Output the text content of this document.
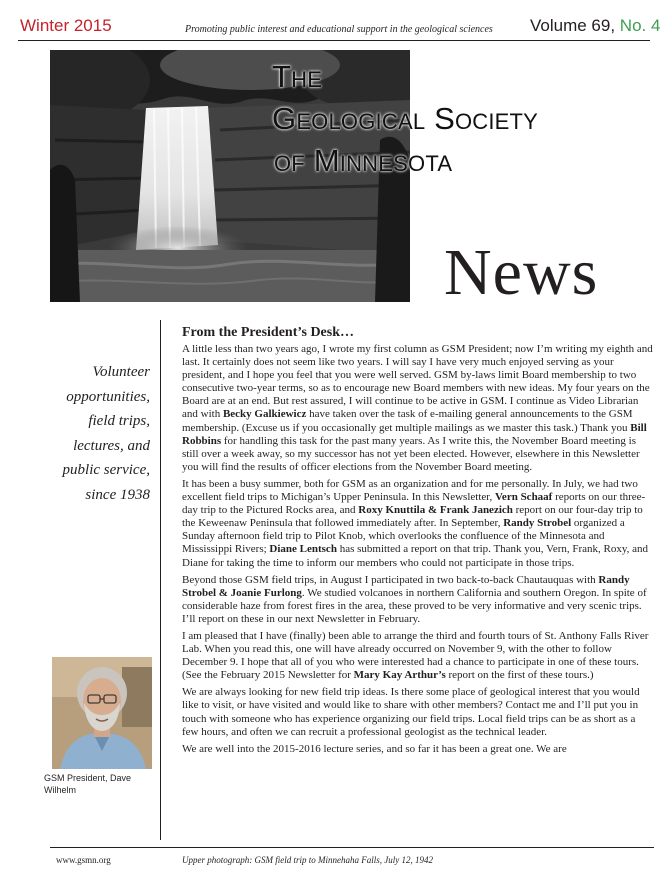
Winter 2015	Promoting public interest and educational support in the geological sciences Volume 69, No. 4
The
Geological Society
of Minnesota
News
Volunteer opportunities, field trips, lectures, and public service, since 1938
GSM President, Dave Wilhelm
From the President’s Desk…

A little less than two years ago, I wrote my first column as GSM President; now I’m writing my eighth and last. It certainly does not seem like two years. I will say I have very much enjoyed serving as your president, and I hope you feel that you were well served. GSM by-laws limit Board membership to two consecutive two-year terms, so as to encourage new Board members with new ideas. My four years on the Board are at an end. But rest assured, I will continue to be active in GSM. I continue as Video Librarian and with Becky Galkiewicz have taken over the task of e-mailing general announcements to the GSM membership. (Excuse us if you occasionally get multiple mailings as we master this task.) Thank you Bill Robbins for handling this task for the past many years. As I write this, the November Board meeting is still over a week away, so my successor has not yet been elected. However, elsewhere in this Newsletter you will find the results of officer elections from the November Board meeting.

It has been a busy summer, both for GSM as an organization and for me personally. In July, we had two excellent field trips to Michigan’s Upper Peninsula. In this Newsletter, Vern Schaaf reports on our three-day trip to the Pictured Rocks area, and Roxy Knuttila & Frank Janezich report on our four-day trip to the Keweenaw Peninsula that followed immediately after. In September, Randy Strobel organized a Sunday afternoon field trip to Pilot Knob, which overlooks the confluence of the Minnesota and Mississippi Rivers; Diane Lentsch has submitted a report on that trip. Thank you, Vern, Frank, Roxy, and Diane for taking the time to inform our members who could not participate in those trips.

Beyond those GSM field trips, in August I participated in two back-to-back Chautauquas with Randy Strobel & Joanie Furlong. We studied volcanoes in northern California and southern Oregon. In spite of considerable haze from forest fires in the area, these proved to be very informative and very scenic trips. I’ll report on these in our next Newsletter in February.

I am pleased that I have (finally) been able to arrange the third and fourth tours of St. Anthony Falls River Lab. When you read this, one will have already occurred on November 9, with the other to follow December 9. I hope that all of you who were interested had a chance to participate in one of these tours. (See the February 2015 Newsletter for Mary Kay Arthur’s report on the first of these tours.)

We are always looking for new field trip ideas. Is there some place of geological interest that you would like to visit, or have visited and would like to share with other members? Contact me and I’ll put you in touch with someone who has experience organizing our field trips. Local field trips can be as short as a few hours, and often we can recruit a professional geologist as the technical leader.

We are well into the 2015-2016 lecture series, and so far it has been a great one. We are

www.gsmn.org	Upper photograph: GSM field trip to Minnehaha Falls, July 12, 1942
